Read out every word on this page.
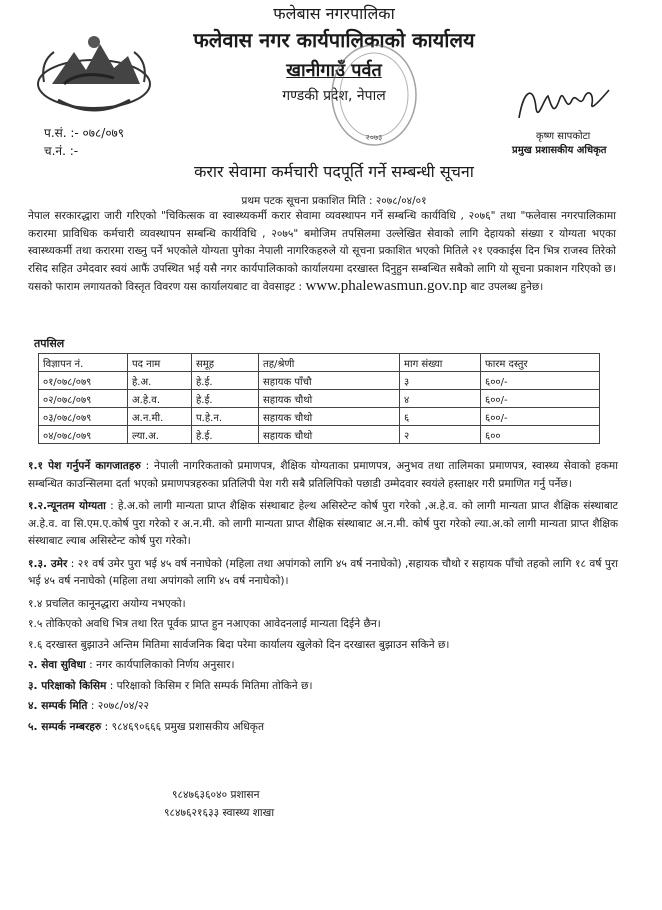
फलेबास नगरपालिका
फलेवास नगर कार्यपालिकाको कार्यालय
खानीगाउँ पर्वत
गण्डकी प्रदेश, नेपाल
२०७३	कृष्ण सापकोटा
प्रमुख प्रशासकीय अधिकृत
प.सं. :- ०७८/०७९
च.नं. :-
करार सेवामा कर्मचारी पदपूर्ति गर्ने सम्बन्धी सूचना
प्रथम पटक सूचना प्रकाशित मिति : २०७८/०४/०१
नेपाल सरकारद्धारा जारी गरिएको "चिकित्सक वा स्वास्थ्यकर्मी करार सेवामा व्यवस्थापन गर्ने सम्बन्धि कार्यविधि , २०७६" तथा "फलेवास नगरपालिकामा करारमा प्राविधिक कर्मचारी व्यवस्थापन सम्बन्धि कार्यविधि , २०७५" बमोजिम तपसिलमा उल्लेखित सेवाको लागि देहायको संख्या र योग्यता भएका स्वास्थ्यकर्मी तथा करारमा राख्नु पर्ने भएकोले योग्यता पुगेका नेपाली नागरिकहरुले यो सूचना प्रकाशित भएको मितिले २१ एक्काईस दिन भित्र राजस्व तिरेको रसिद सहित उमेदवार स्वयं आफैं उपस्थित भई यसै नगर कार्यपालिकाको कार्यालयमा दरखास्त दिनुहुन सम्बन्धित सबैको लागि यो सूचना प्रकाशन गरिएको छ। यसको फाराम लगायतको विस्तृत विवरण यस कार्यालयबाट वा वेवसाइट : www.phalewasmun.gov.np बाट उपलब्ध हुनेछ।
तपसिल
विज्ञापन नं.	पद नाम	समूह	तह/श्रेणी	माग संख्या	फारम दस्तुर
०१/०७८/०७९	हे.अ.	हे.ई.	सहायक पाँचौ	३	६००/-
०२/०७८/०७९	अ.हे.व.	हे.ई.	सहायक चौथो	४	६००/-
०३/०७८/०७९	अ.न.मी.	प.हे.न.	सहायक चौथो	६	६००/-
०४/०७८/०७९	ल्या.अ.	हे.ई.	सहायक चौथो	२	६००
१.१ पेश गर्नुपर्ने कागजातहरु : नेपाली नागरिकताको प्रमाणपत्र, शैक्षिक योग्यताका प्रमाणपत्र, अनुभव तथा तालिमका प्रमाणपत्र, स्वास्थ्य सेवाको हकमा सम्बन्धित काउन्सिलमा दर्ता भएको प्रमाणपत्रहरुका प्रतिलिपी पेश गरी सबै प्रतिलिपिको पछाडी उम्मेदवार स्वयंले हस्ताक्षर गरी प्रमाणित गर्नु पर्नेछ।
१.२.न्यूनतम योग्यता : हे.अ.को लागी मान्यता प्राप्त शैक्षिक संस्थाबाट हेल्थ असिस्टेन्ट कोर्ष पुरा गरेको ,अ.हे.व. को लागी मान्यता प्राप्त शैक्षिक संस्थाबाट अ.हे.व. वा सि.एम.ए.कोर्ष पुरा गरेको र अ.न.मी. को लागी मान्यता प्राप्त शैक्षिक संस्थाबाट अ.न.मी. कोर्ष पुरा गरेको ल्या.अ.को लागी मान्यता प्राप्त शैक्षिक संस्थाबाट ल्याब असिस्टेन्ट कोर्ष पुरा गरेको।
१.३. उमेर : २१ वर्ष उमेर पुरा भई ४५ वर्ष ननाघेको (महिला तथा अपांगको लागि ४५ वर्ष ननाघेको) ,सहायक चौथो र सहायक पाँचो तहको लागि १८ वर्ष पुरा भई ४५ वर्ष ननाघेको (महिला तथा अपांगको लागि ४५ वर्ष ननाघेको)।
१.४ प्रचलित कानूनद्धारा अयोग्य नभएको।
१.५ तोकिएको अवधि भित्र तथा रित पूर्वक प्राप्त हुन नआएका आवेदनलाई मान्यता दिईने छैन।
१.६ दरखास्त बुझाउने अन्तिम मितिमा सार्वजनिक बिदा परेमा कार्यालय खुलेको दिन दरखास्त बुझाउन सकिने छ।
२. सेवा सुविधा : नगर कार्यपालिकाको निर्णय अनुसार।
३. परिक्षाको किसिम : परिक्षाको किसिम र मिति सम्पर्क मितिमा तोकिने छ।
४. सम्पर्क मिति : २०७८/०४/२२
५. सम्पर्क नम्बरहरु : ९८४६९०६६६ प्रमुख प्रशासकीय अधिकृत
९८४७६३६०४० प्रशासन
९८४७६२१६३३ स्वास्थ्य शाखा
